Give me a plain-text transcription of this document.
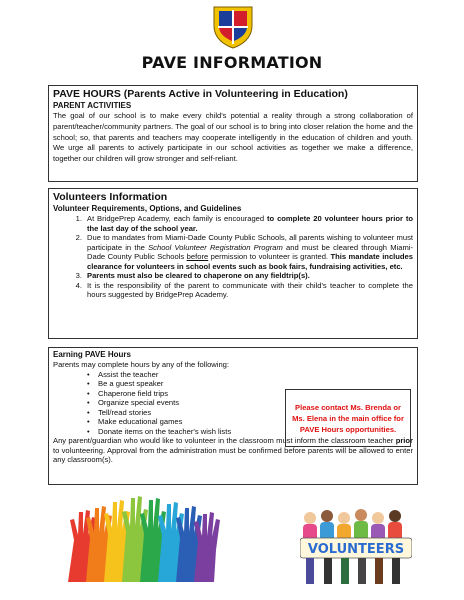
PAVE INFORMATION
PAVE HOURS (Parents Active in Volunteering in Education)
PARENT ACTIVITIES

The goal of our school is to make every child's potential a reality through a strong collaboration of parent/teacher/community partners. The goal of our school is to bring into closer relation the home and the school; so, that parents and teachers may cooperate intelligently in the education of children and youth. We urge all parents to actively participate in our school activities as together we make a difference, together our children will grow stronger and self-reliant.

Volunteers Information
Volunteer Requirements, Options, and Guidelines
1. At BridgePrep Academy, each family is encouraged to complete 20 volunteer hours prior to the last day of the school year.
2. Due to mandates from Miami-Dade County Public Schools, all parents wishing to volunteer must participate in the School Volunteer Registration Program and must be cleared through Miami-Dade County Public Schools before permission to volunteer is granted. This mandate includes clearance for volunteers in school events such as book fairs, fundraising activities, etc.
3. Parents must also be cleared to chaperone on any fieldtrip(s).
4. It is the responsibility of the parent to communicate with their child's teacher to complete the hours suggested by BridgePrep Academy.
Earning PAVE Hours

Parents may complete hours by any of the following:

• Assist the teacher
• Be a guest speaker
• Chaperone field trips
• Organize special events
• Tell/read stories
• Make educational games
• Donate items on the teacher's wish lists
Please contact Ms. Brenda or Ms. Elena in the main office for PAVE Hours opportunities.

Any parent/guardian who would like to volunteer in the classroom must inform the classroom teacher prior to volunteering. Approval from the administration must be confirmed before parents will be allowed to enter any classroom(s).

VOLUNTEERS
